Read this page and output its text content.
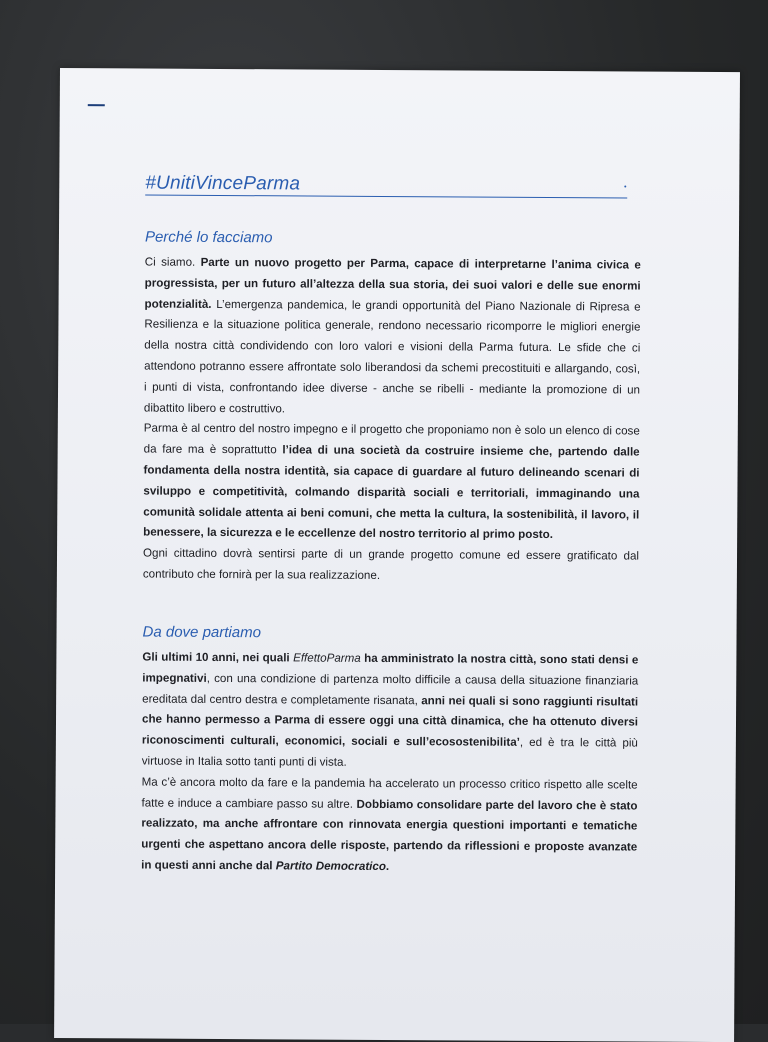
#UnitiVinceParma
Perché lo facciamo

Ci siamo. Parte un nuovo progetto per Parma, capace di interpretarne l’anima civica e progressista, per un futuro all’altezza della sua storia, dei suoi valori e delle sue enormi potenzialità. L’emergenza pandemica, le grandi opportunità del Piano Nazionale di Ripresa e Resilienza e la situazione politica generale, rendono necessario ricomporre le migliori energie della nostra città condividendo con loro valori e visioni della Parma futura. Le sfide che ci attendono potranno essere affrontate solo liberandosi da schemi precostituiti e allargando, così, i punti di vista, confrontando idee diverse - anche se ribelli - mediante la promozione di un dibattito libero e costruttivo.

Parma è al centro del nostro impegno e il progetto che proponiamo non è solo un elenco di cose da fare ma è soprattutto l’idea di una società da costruire insieme che, partendo dalle fondamenta della nostra identità, sia capace di guardare al futuro delineando scenari di sviluppo e competitività, colmando disparità sociali e territoriali, immaginando una comunità solidale attenta ai beni comuni, che metta la cultura, la sostenibilità, il lavoro, il benessere, la sicurezza e le eccellenze del nostro territorio al primo posto.

Ogni cittadino dovrà sentirsi parte di un grande progetto comune ed essere gratificato dal contributo che fornirà per la sua realizzazione.

Da dove partiamo

Gli ultimi 10 anni, nei quali EffettoParma ha amministrato la nostra città, sono stati densi e impegnativi, con una condizione di partenza molto difficile a causa della situazione finanziaria ereditata dal centro destra e completamente risanata, anni nei quali si sono raggiunti risultati che hanno permesso a Parma di essere oggi una città dinamica, che ha ottenuto diversi riconoscimenti culturali, economici, sociali e sull’ecosostenibilita’, ed è tra le città più virtuose in Italia sotto tanti punti di vista.

Ma c’è ancora molto da fare e la pandemia ha accelerato un processo critico rispetto alle scelte fatte e induce a cambiare passo su altre. Dobbiamo consolidare parte del lavoro che è stato realizzato, ma anche affrontare con rinnovata energia questioni importanti e tematiche urgenti che aspettano ancora delle risposte, partendo da riflessioni e proposte avanzate in questi anni anche dal Partito Democratico.
